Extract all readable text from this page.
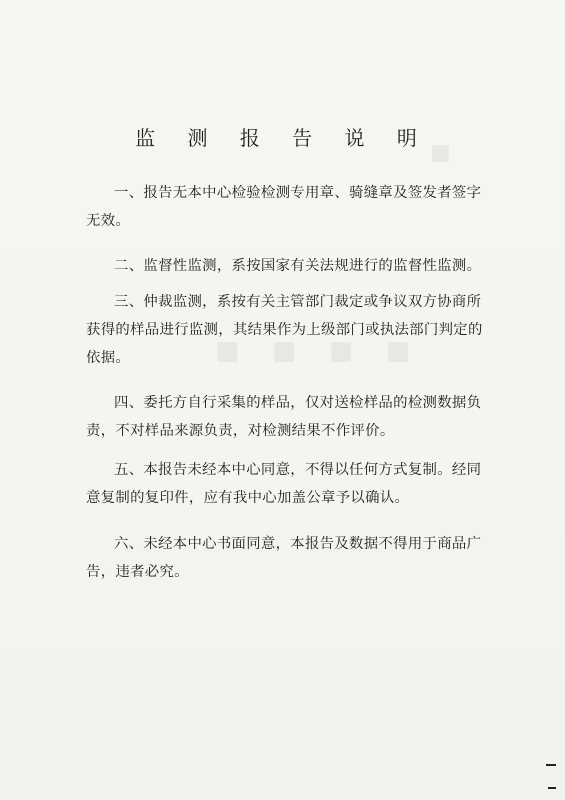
■ ■ ■ ■
■
监 测 报 告 说 明

一、报告无本中心检验检测专用章、骑缝章及签发者签字无效。

二、监督性监测，系按国家有关法规进行的监督性监测。

三、仲裁监测，系按有关主管部门裁定或争议双方协商所获得的样品进行监测，其结果作为上级部门或执法部门判定的依据。

四、委托方自行采集的样品，仅对送检样品的检测数据负责，不对样品来源负责，对检测结果不作评价。

五、本报告未经本中心同意，不得以任何方式复制。经同意复制的复印件，应有我中心加盖公章予以确认。

六、未经本中心书面同意，本报告及数据不得用于商品广告，违者必究。
